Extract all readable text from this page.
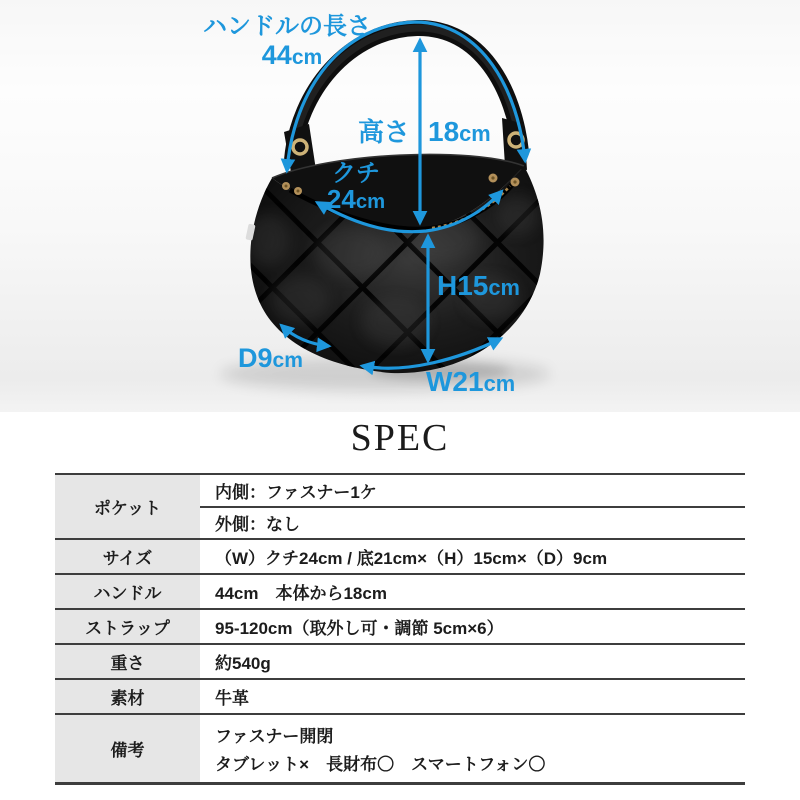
ハンドルの長さ
44cm
高さ 18cm
クチ
24cm
H15cm
D9cm
W21cm
SPEC
ポケット
内側：ファスナー1ケ
外側：なし
サイズ	（W）クチ24cm / 底21cm×（H）15cm×（D）9cm
ハンドル	44cm　本体から18cm
ストラップ	95-120cm（取外し可・調節 5cm×6）
重さ	約540g
素材	牛革
備考
ファスナー開閉
タブレット×　長財布〇　スマートフォン〇
